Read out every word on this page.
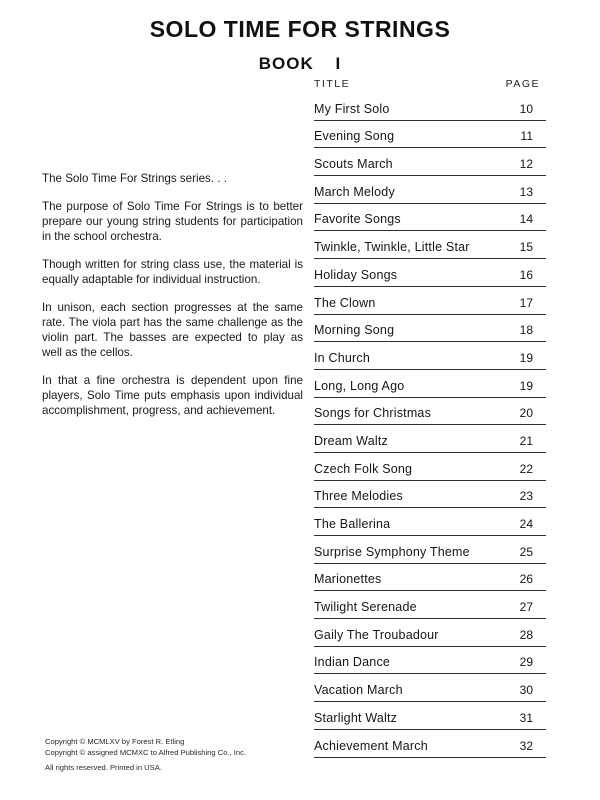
SOLO TIME FOR STRINGS
BOOK I

The Solo Time For Strings series. . .

The purpose of Solo Time For Strings is to better prepare our young string students for participation in the school orchestra.

Though written for string class use, the material is equally adaptable for individual instruction.

In unison, each section progresses at the same rate. The viola part has the same challenge as the violin part. The basses are expected to play as well as the cellos.

In that a fine orchestra is dependent upon fine players, Solo Time puts emphasis upon individual accomplishment, progress, and achievement.

TITLE	PAGE
My First Solo	10
Evening Song	11
Scouts March	12
March Melody	13
Favorite Songs	14
Twinkle, Twinkle, Little Star	15
Holiday Songs	16
The Clown	17
Morning Song	18
In Church	19
Long, Long Ago	19
Songs for Christmas	20
Dream Waltz	21
Czech Folk Song	22
Three Melodies	23
The Ballerina	24
Surprise Symphony Theme	25
Marionettes	26
Twilight Serenade	27
Gaily The Troubadour	28
Indian Dance	29
Vacation March	30
Starlight Waltz	31
Achievement March	32
Copyright © MCMLXV by Forest R. Etling
Copyright © assigned MCMXC to Alfred Publishing Co., Inc.
All rights reserved. Printed in USA.
